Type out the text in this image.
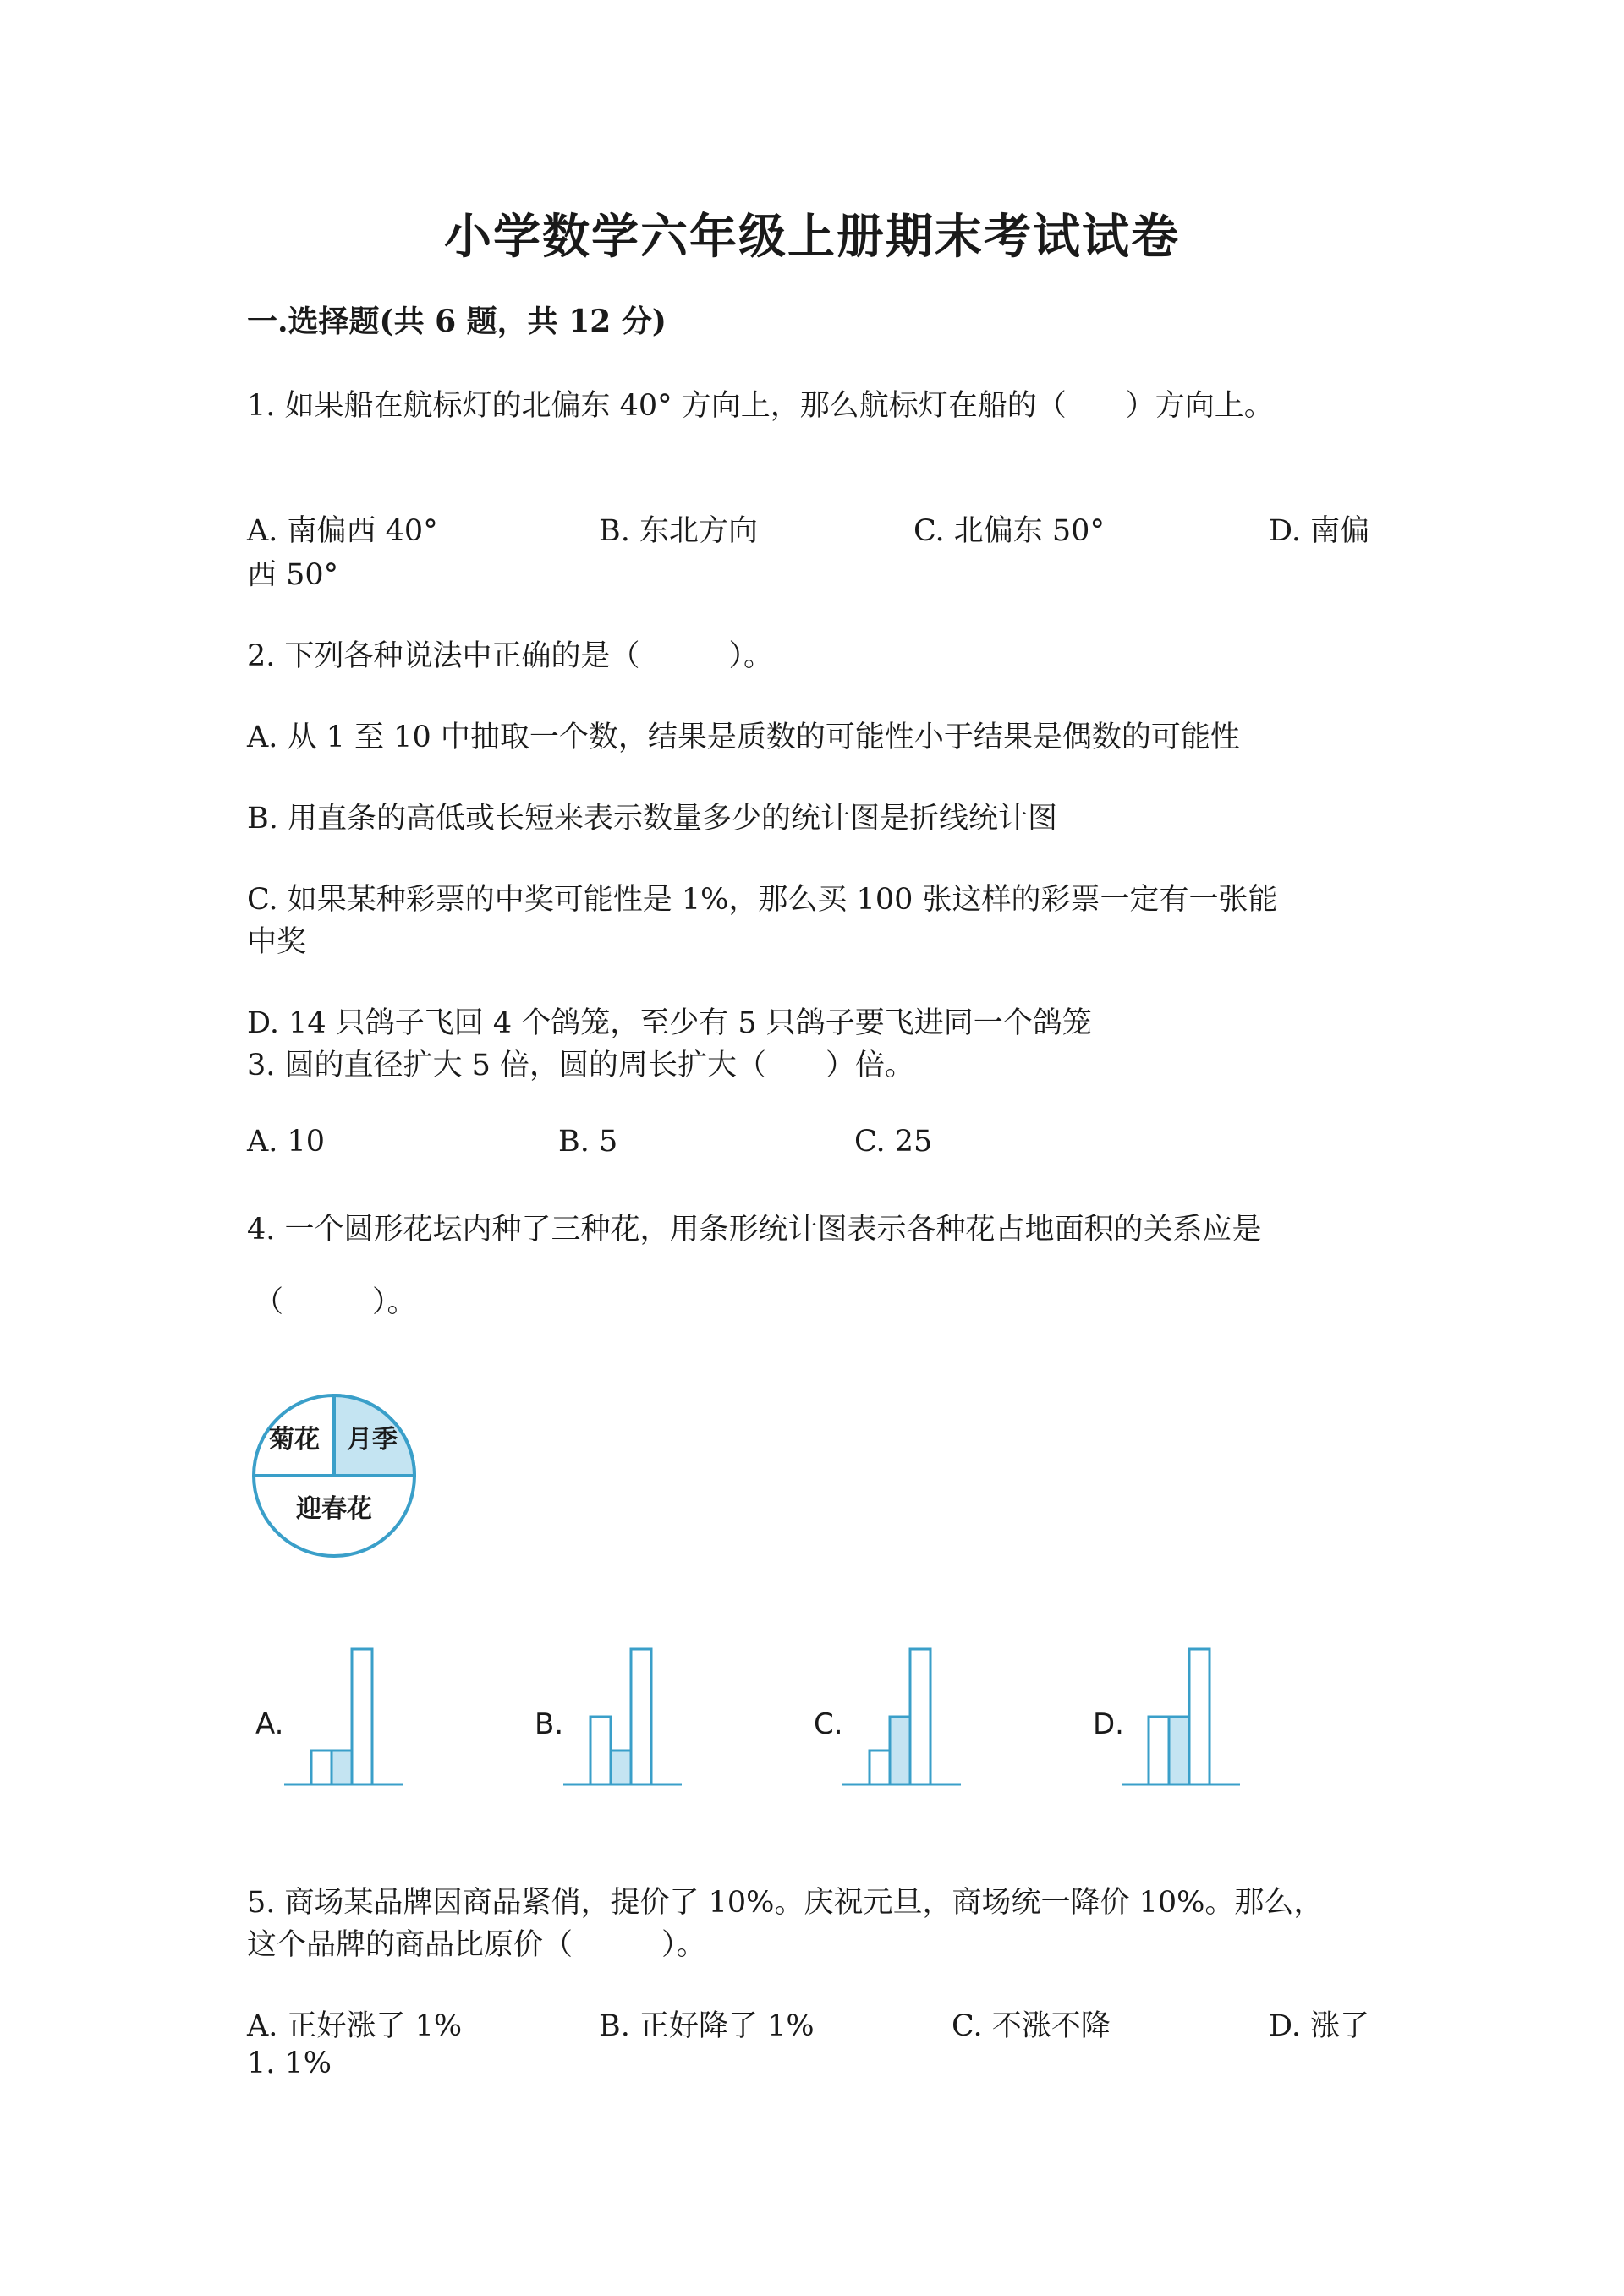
小学数学六年级上册期末考试试卷
一.选择题(共 6 题，共 12 分)
1. 如果船在航标灯的北偏东 40° 方向上，那么航标灯在船的（　　）方向上。
A. 南偏西 40°	B. 东北方向	C. 北偏东 50°	D. 南偏
西 50°
2. 下列各种说法中正确的是（　　　）。
A. 从 1 至 10 中抽取一个数，结果是质数的可能性小于结果是偶数的可能性
B. 用直条的高低或长短来表示数量多少的统计图是折线统计图
C. 如果某种彩票的中奖可能性是 1%，那么买 100 张这样的彩票一定有一张能
中奖
D. 14 只鸽子飞回 4 个鸽笼，至少有 5 只鸽子要飞进同一个鸽笼
3. 圆的直径扩大 5 倍，圆的周长扩大（　　）倍。
A. 10	B. 5	C. 25
4. 一个圆形花坛内种了三种花，用条形统计图表示各种花占地面积的关系应是
（　　　）。
菊花 月季
迎春花
A.	B.	C.	D.
5. 商场某品牌因商品紧俏，提价了 10%。庆祝元旦，商场统一降价 10%。那么，
这个品牌的商品比原价（　　　）。
A. 正好涨了 1%	B. 正好降了 1%	C. 不涨不降	D. 涨了
1. 1%
